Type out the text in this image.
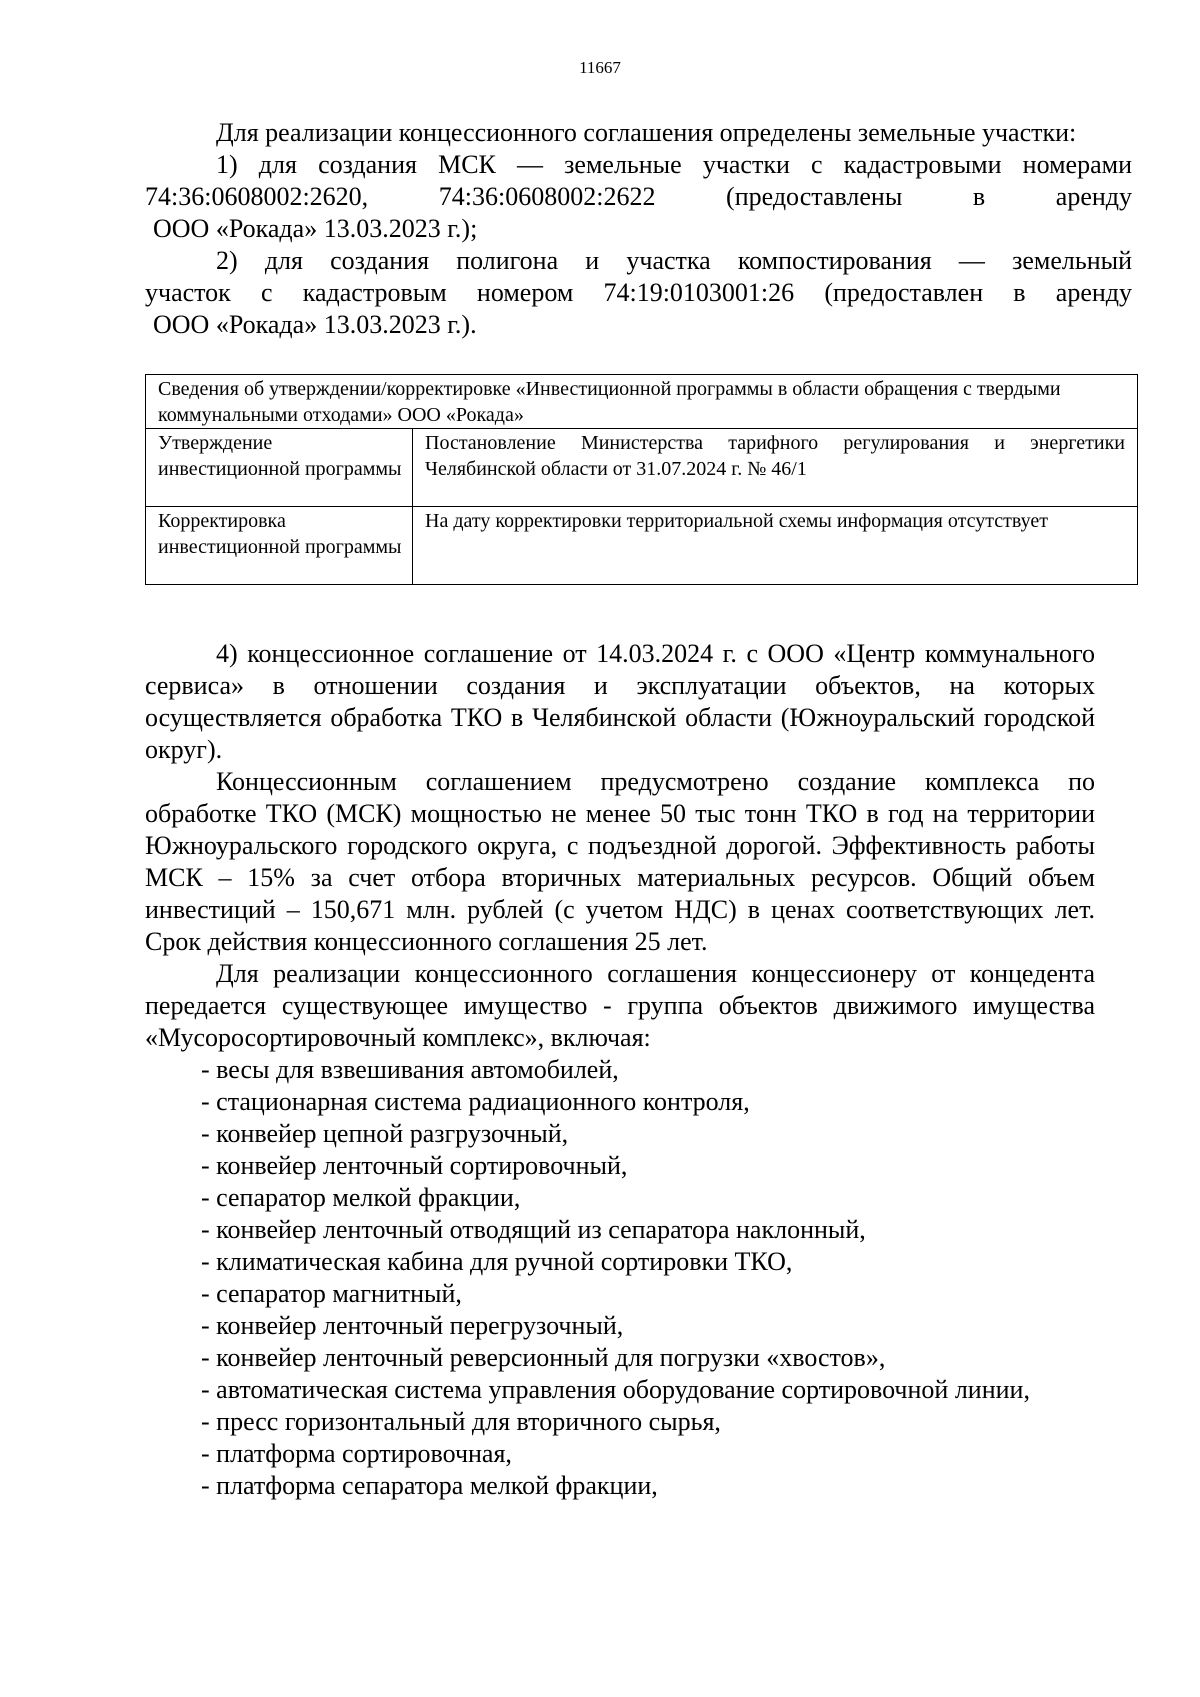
11667

Для реализации концессионного соглашения определены земельные участки:

1) для создания МСК — земельные участки с кадастровыми номерами

74:36:0608002:2620, 74:36:0608002:2622 (предоставлены в аренду

ООО «Рокада» 13.03.2023 г.);

2) для создания полигона и участка компостирования — земельный

участок с кадастровым номером 74:19:0103001:26 (предоставлен в аренду

ООО «Рокада» 13.03.2023 г.).

Сведения об утверждении/корректировке «Инвестиционной программы в области обращения с твердыми коммунальными отходами» ООО «Рокада»	
Утверждение инвестиционной программы	Постановление Министерства тарифного регулирования и энергетики Челябинской области от 31.07.2024 г. № 46/1
Корректировка инвестиционной программы	На дату корректировки территориальной схемы информация отсутствует

4) концессионное соглашение от 14.03.2024 г. с ООО «Центр коммунального сервиса» в отношении создания и эксплуатации объектов, на которых осуществляется обработка ТКО в Челябинской области (Южноуральский городской округ).

Концессионным соглашением предусмотрено создание комплекса по обработке ТКО (МСК) мощностью не менее 50 тыс тонн ТКО в год на территории Южноуральского городского округа, с подъездной дорогой. Эффективность работы МСК – 15% за счет отбора вторичных материальных ресурсов. Общий объем инвестиций – 150,671 млн. рублей (с учетом НДС) в ценах соответствующих лет. Срок действия концессионного соглашения 25 лет.

Для реализации концессионного соглашения концессионеру от концедента передается существующее имущество - группа объектов движимого имущества «Мусоросортировочный комплекс», включая:

- весы для взвешивания автомобилей,
- стационарная система радиационного контроля,
- конвейер цепной разгрузочный,
- конвейер ленточный сортировочный,
- сепаратор мелкой фракции,
- конвейер ленточный отводящий из сепаратора наклонный,
- климатическая кабина для ручной сортировки ТКО,
- сепаратор магнитный,
- конвейер ленточный перегрузочный,
- конвейер ленточный реверсионный для погрузки «хвостов»,
- автоматическая система управления оборудование сортировочной линии,
- пресс горизонтальный для вторичного сырья,
- платформа сортировочная,
- платформа сепаратора мелкой фракции,
